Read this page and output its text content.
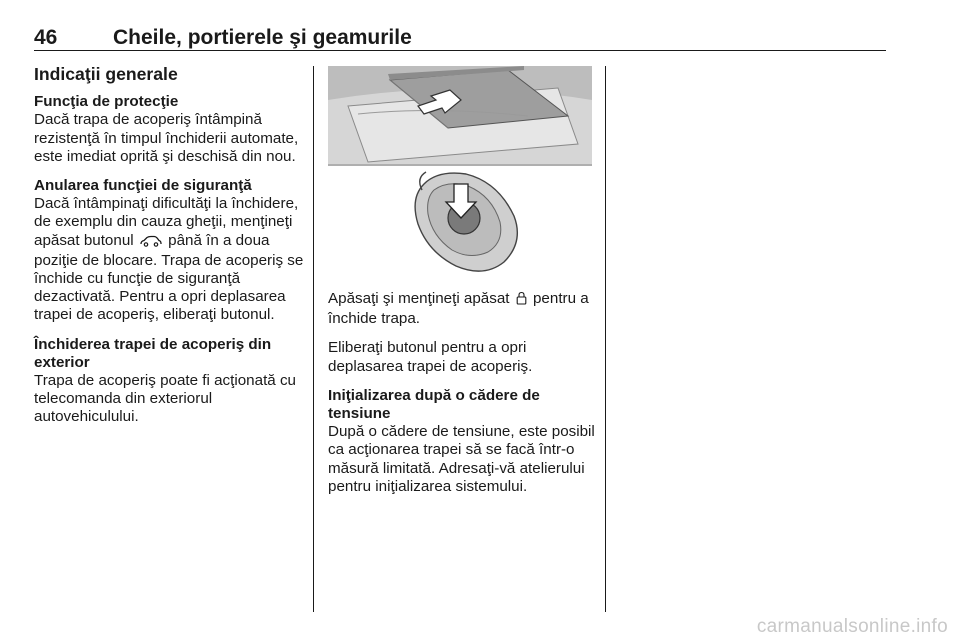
46	Cheile, portierele şi geamurile

Indicaţii generale

Funcţia de protecţie

Dacă trapa de acoperiş întâmpină rezistenţă în timpul închiderii automate, este imediat oprită şi deschisă din nou.

Anularea funcţiei de siguranţă

Dacă întâmpinaţi dificultăţi la închidere, de exemplu din cauza gheţii, menţineţi apăsat butonul până în a doua poziţie de blocare. Trapa de acoperiş se închide cu funcţie de siguranţă dezactivată. Pentru a opri deplasarea trapei de acoperiş, eliberaţi butonul.

Închiderea trapei de acoperiş din exterior

Trapa de acoperiş poate fi acţionată cu telecomanda din exteriorul autovehiculului.

Apăsaţi şi menţineţi apăsat pentru a închide trapa.

Eliberaţi butonul pentru a opri deplasarea trapei de acoperiş.

Iniţializarea după o cădere de tensiune

După o cădere de tensiune, este posibil ca acţionarea trapei să se facă într-o măsură limitată. Adresaţi-vă atelierului pentru iniţializarea sistemului.

carmanualsonline.info
